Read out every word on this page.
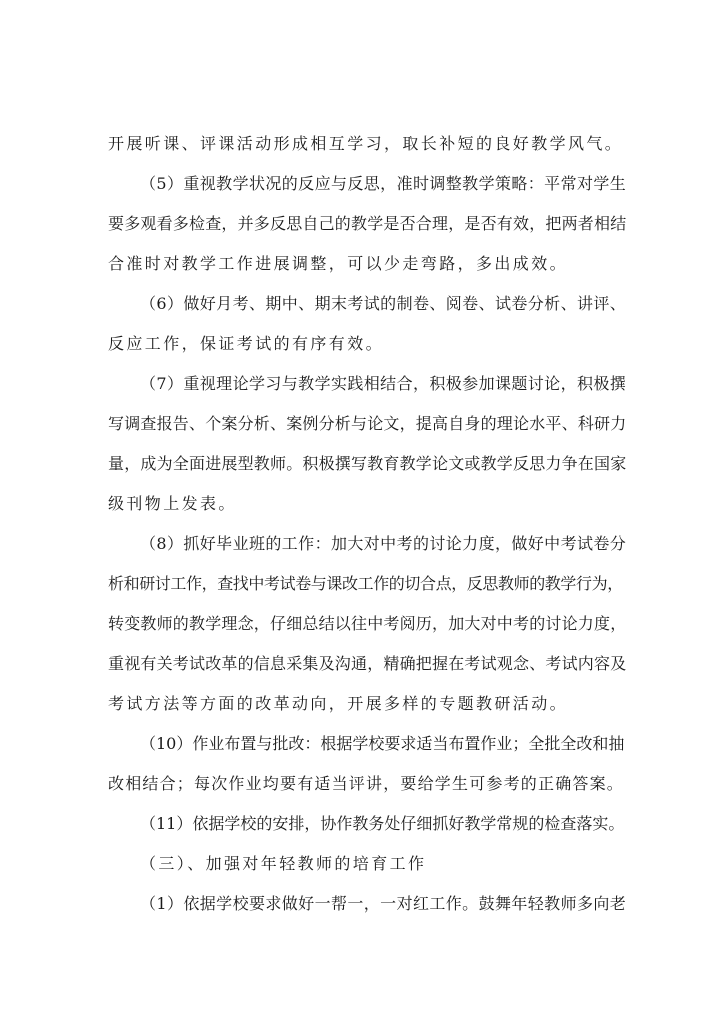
开展听课、评课活动形成相互学习，取长补短的良好教学风气。

（5）重视教学状况的反应与反思，准时调整教学策略：平常对学生
要多观看多检查，并多反思自己的教学是否合理，是否有效，把两者相结
合准时对教学工作进展调整，可以少走弯路，多出成效。

（6）做好月考、期中、期末考试的制卷、阅卷、试卷分析、讲评、
反应工作，保证考试的有序有效。

（7）重视理论学习与教学实践相结合，积极参加课题讨论，积极撰
写调查报告、个案分析、案例分析与论文，提高自身的理论水平、科研力
量，成为全面进展型教师。积极撰写教育教学论文或教学反思力争在国家
级刊物上发表。

（8）抓好毕业班的工作：加大对中考的讨论力度，做好中考试卷分
析和研讨工作，查找中考试卷与课改工作的切合点，反思教师的教学行为，
转变教师的教学理念，仔细总结以往中考阅历，加大对中考的讨论力度，
重视有关考试改革的信息采集及沟通，精确把握在考试观念、考试内容及
考试方法等方面的改革动向，开展多样的专题教研活动。

（10）作业布置与批改：根据学校要求适当布置作业；全批全改和抽
改相结合；每次作业均要有适当评讲，要给学生可参考的正确答案。

（11）依据学校的安排，协作教务处仔细抓好教学常规的检查落实。

（三）、加强对年轻教师的培育工作

（1）依据学校要求做好一帮一，一对红工作。鼓舞年轻教师多向老
